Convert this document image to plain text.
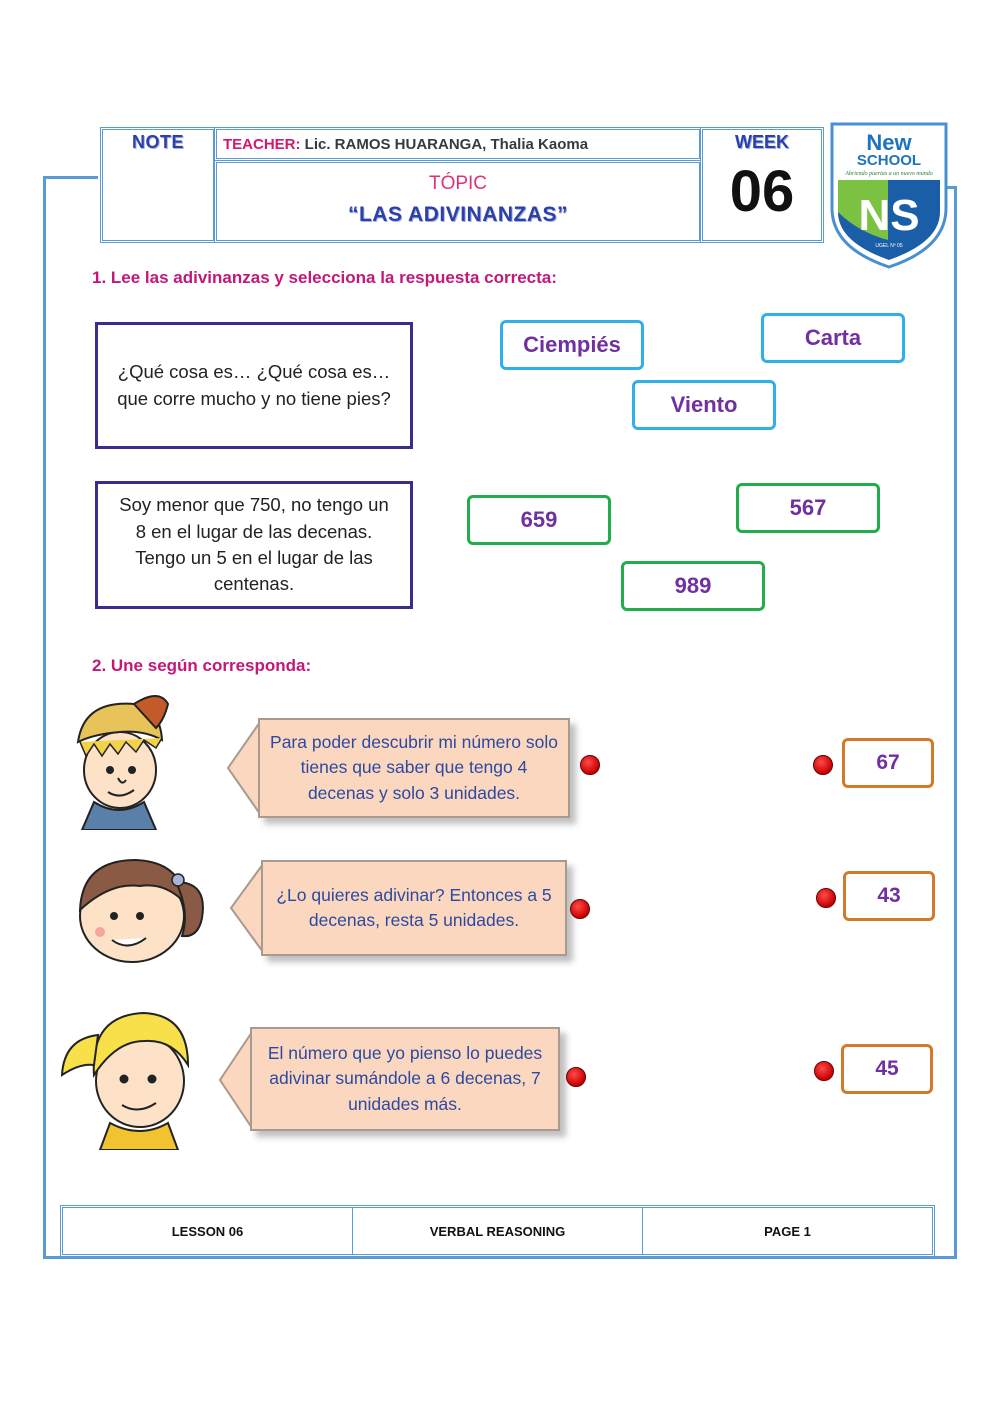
NOTE	TEACHER: Lic. RAMOS HUARANGA, Thalia Kaoma
TÓPIC
“LAS ADIVINANZAS”
WEEK
06
New
SCHOOL
Abriendo puertas a un nuevo mundo
NS
UGEL Nº 05
1. Lee las adivinanzas y selecciona la respuesta correcta:
¿Qué cosa es… ¿Qué cosa es… que corre mucho y no tiene pies?
Ciempiés	Carta
Viento
Soy menor que 750, no tengo un 8 en el lugar de las decenas. Tengo un 5 en el lugar de las centenas.
659	567
989
2. Une según corresponda:
Para poder descubrir mi número solo tienes que saber que tengo 4 decenas y solo 3 unidades.
¿Lo quieres adivinar? Entonces a 5 decenas, resta 5 unidades.
El número que yo pienso lo puedes adivinar sumándole a 6 decenas, 7 unidades más.
67
43
45
LESSON 06	VERBAL REASONING	PAGE 1
